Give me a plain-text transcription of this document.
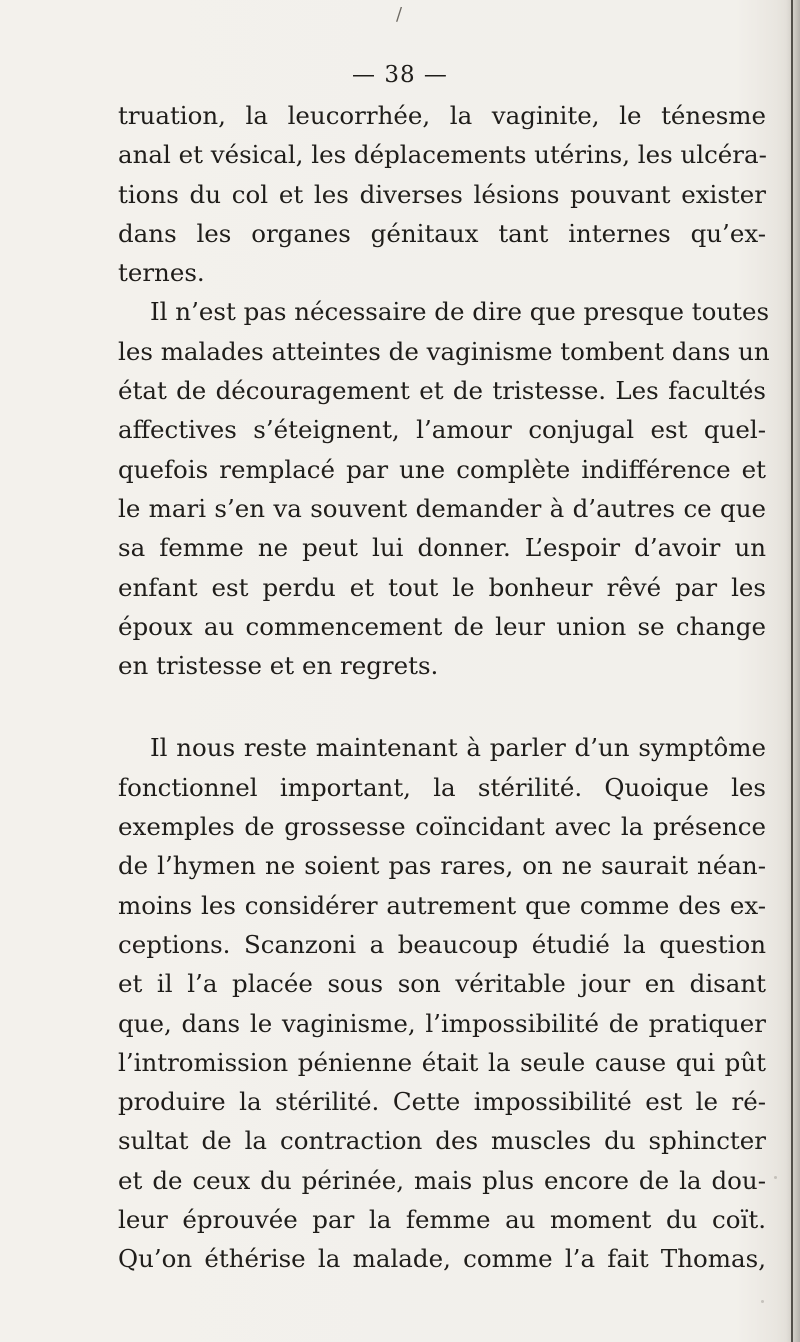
/
— 38 —
truation, la leucorrhée, la vaginite, le ténesme
anal et vésical, les déplacements utérins, les ulcéra-
tions du col et les diverses lésions pouvant exister
dans les organes génitaux tant internes qu’ex-
ternes.
Il n’est pas nécessaire de dire que presque toutes
les malades atteintes de vaginisme tombent dans un
état de découragement et de tristesse. Les facultés
affectives s’éteignent, l’amour conjugal est quel-
quefois remplacé par une complète indifférence et
le mari s’en va souvent demander à d’autres ce que
sa femme ne peut lui donner. L’espoir d’avoir un
enfant est perdu et tout le bonheur rêvé par les
époux au commencement de leur union se change
en tristesse et en regrets.
Il nous reste maintenant à parler d’un symptôme
fonctionnel important, la stérilité. Quoique les
exemples de grossesse coïncidant avec la présence
de l’hymen ne soient pas rares, on ne saurait néan-
moins les considérer autrement que comme des ex-
ceptions. Scanzoni a beaucoup étudié la question
et il l’a placée sous son véritable jour en disant
que, dans le vaginisme, l’impossibilité de pratiquer
l’intromission pénienne était la seule cause qui pût
produire la stérilité. Cette impossibilité est le ré-
sultat de la contraction des muscles du sphincter
et de ceux du périnée, mais plus encore de la dou-
leur éprouvée par la femme au moment du coït.
Qu’on éthérise la malade, comme l’a fait Thomas,
